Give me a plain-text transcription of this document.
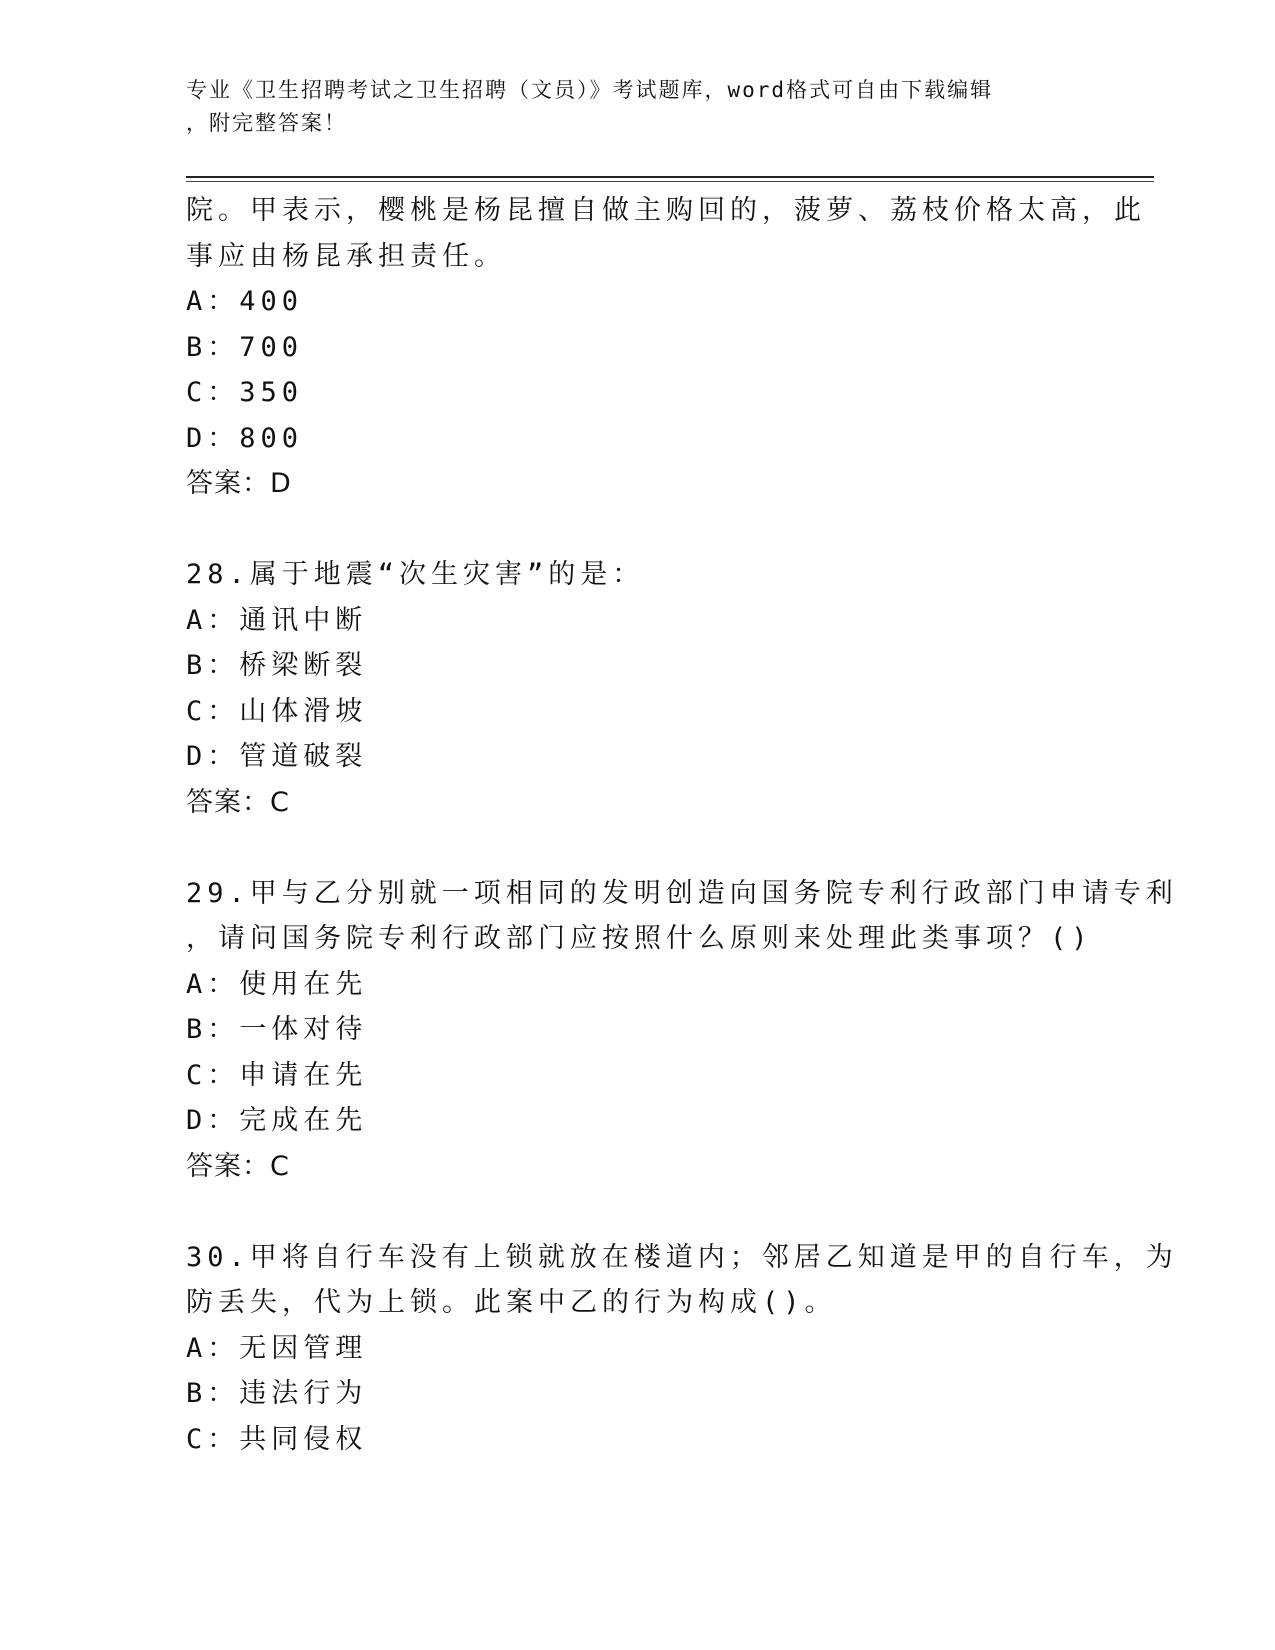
专业《卫生招聘考试之卫生招聘（文员）》考试题库，word格式可自由下载编辑
，附完整答案！
院。甲表示，樱桃是杨昆擅自做主购回的，菠萝、荔枝价格太高，此
事应由杨昆承担责任。
A：400
B：700
C：350
D：800
答案：D
28.属于地震“次生灾害”的是：
A：通讯中断
B：桥梁断裂
C：山体滑坡
D：管道破裂
答案：C
29.甲与乙分别就一项相同的发明创造向国务院专利行政部门申请专利
，请问国务院专利行政部门应按照什么原则来处理此类事项？()
A：使用在先
B：一体对待
C：申请在先
D：完成在先
答案：C
30.甲将自行车没有上锁就放在楼道内；邻居乙知道是甲的自行车，为
防丢失，代为上锁。此案中乙的行为构成()。
A：无因管理
B：违法行为
C：共同侵权
